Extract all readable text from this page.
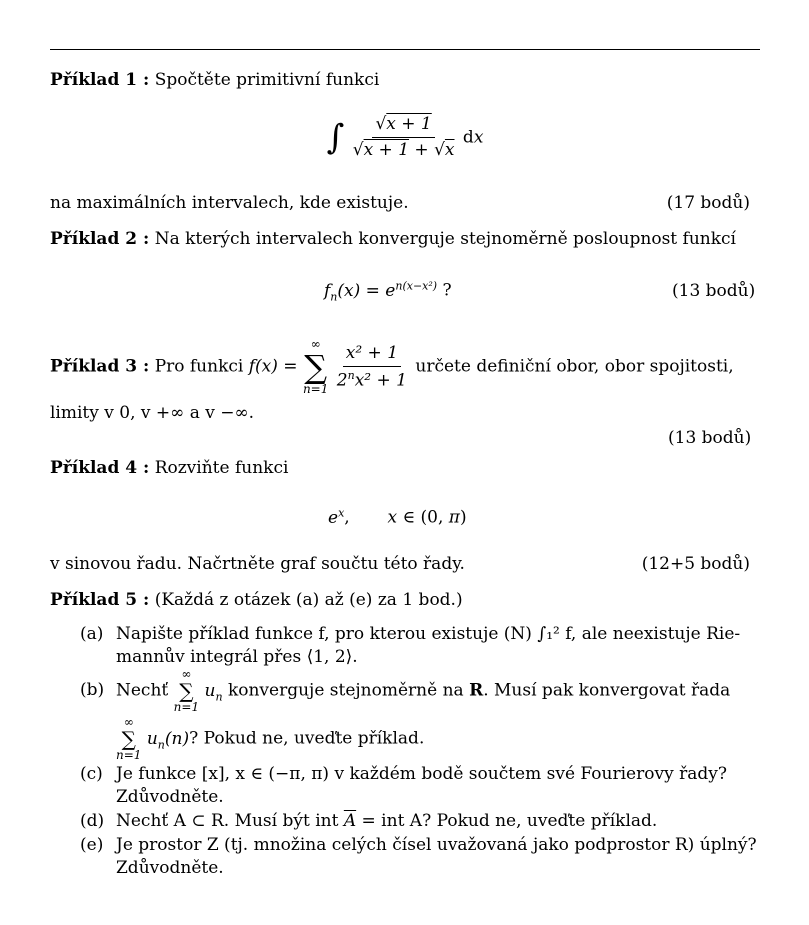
Příklad 1 : Spočtěte primitivní funkci
∫ $\frac{√x + 1}{√x + 1 + √x}$ dx
na maximálních intervalech, kde existuje.	(17 bodů)
Příklad 2 : Na kterých intervalech konverguje stejnoměrně posloupnost funkcí
$f_n(x) = e^{n(x-x^2)}$ ?	(13 bodů)
Příklad 3 : Pro funkci f(x) =
∞
∑
n=1
$\frac{\text{x² + 1}}{2^nx^2 + 1}$ určete definiční obor, obor spojitosti,
limity v 0, v +∞ a v −∞.
(13 bodů)
Příklad 4 : Rozviňte funkci
$e^x$,       x ∈ (0, π)
v sinovou řadu. Načrtněte graf součtu této řady.	(12+5 bodů)
Příklad 5 : (Každá z otázek (a) až (e) za 1 bod.)
(a) Napište příklad funkce f, pro kterou existuje (N) ∫₁² f, ale neexistuje Rie-
mannův integrál přes ⟨1, 2⟩.
(b) Nechť
∞
∑
n=1
$u_n$ konverguje stejnoměrně na R. Musí pak konvergovat řada
∞
∑
n=1
$u_n(n)$? Pokud ne, uveďte příklad.
(c) Je funkce [x], x ∈ (−π, π) v každém bodě součtem své Fourierovy řady?
Zdůvodněte.
(d) Nechť A ⊂ R. Musí být int $\overline{A}$ = int A? Pokud ne, uveďte příklad.
(e) Je prostor Z (tj. množina celých čísel uvažovaná jako podprostor R) úplný?
Zdůvodněte.
